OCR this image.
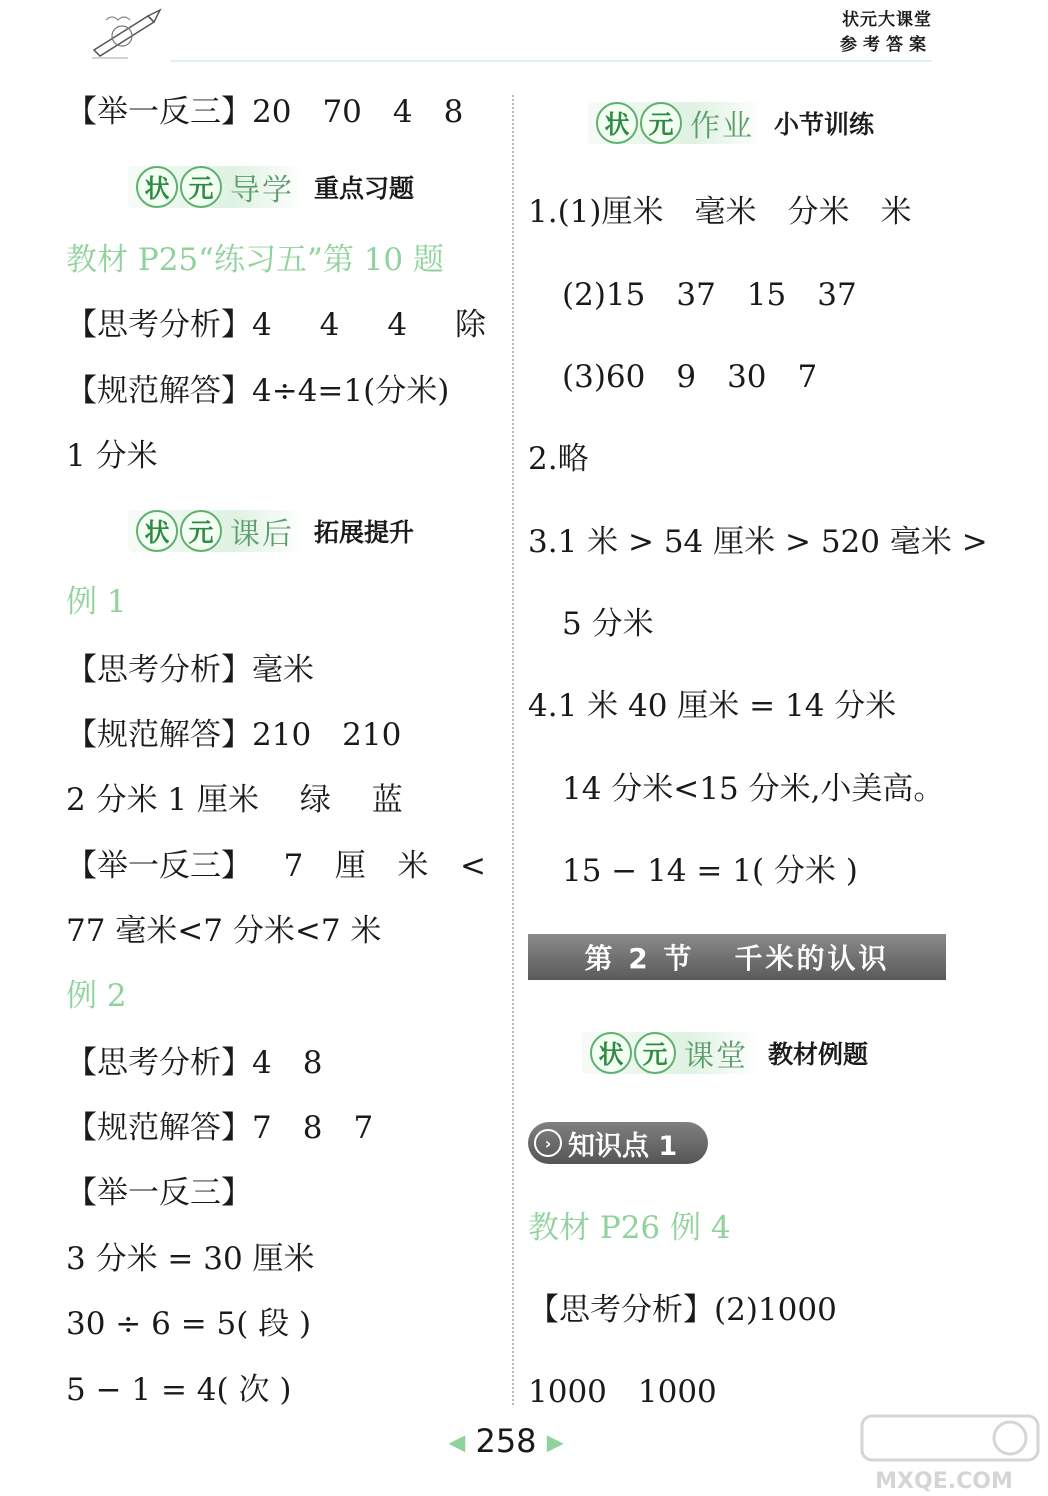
状元大课堂
参考答案
【举一反三】20　70　4　8
状 元 导学 重点习题
教材 P25“练习五”第 10 题
【思考分析】4 4 4 除
【规范解答】4÷4=1(分米)
1 分米
状 元 课后 拓展提升
例 1
【思考分析】毫米
【规范解答】210　210
2 分米 1 厘米　 绿　 蓝
【举一反三】 7 厘 米 <
77 毫米<7 分米<7 米
例 2
【思考分析】4　8
【规范解答】7　8　7
【举一反三】
3 分米 = 30 厘米
30 ÷ 6 = 5( 段 )
5 − 1 = 4( 次 )
状 元 作业 小节训练
1.(1)厘米　毫米　分米　米
(2)15　37　15　37
(3)60　9　30　7
2.略
3.1 米 > 54 厘米 > 520 毫米 >
5 分米
4.1 米 40 厘米 = 14 分米
14 分米<15 分米,小美高。
15 − 14 = 1( 分米 )
第 2 节 千米的认识
状 元 课堂 教材例题
› 知识点 1
教材 P26 例 4
【思考分析】(2)1000
1000　1000
◀ 258 ▶
MXQE.COM
